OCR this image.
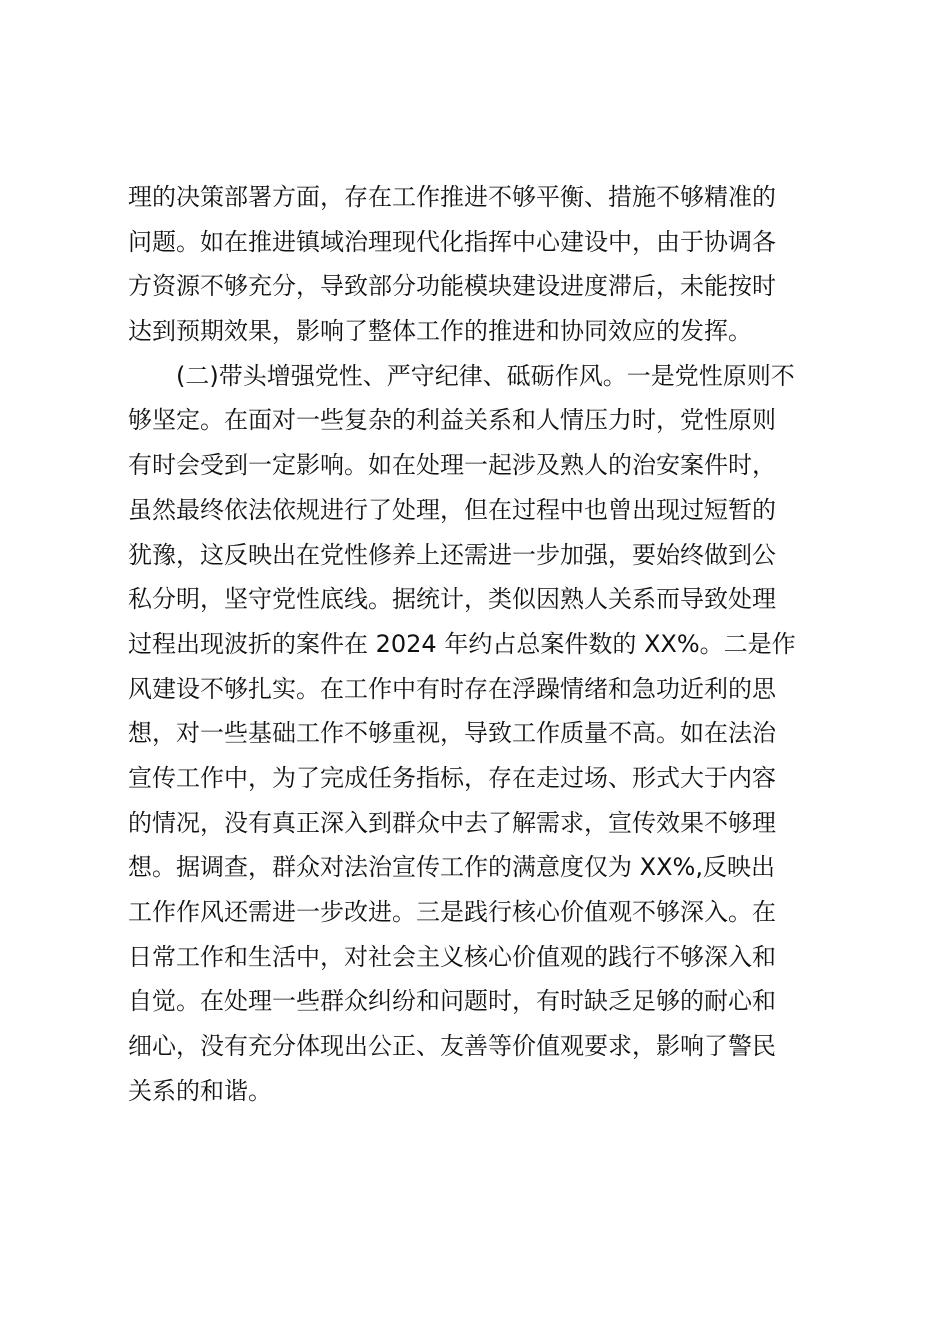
理的决策部署方面，存在工作推进不够平衡、措施不够精准的
问题。如在推进镇域治理现代化指挥中心建设中，由于协调各
方资源不够充分，导致部分功能模块建设进度滞后，未能按时
达到预期效果，影响了整体工作的推进和协同效应的发挥。
(二)带头增强党性、严守纪律、砥砺作风。一是党性原则不
够坚定。在面对一些复杂的利益关系和人情压力时，党性原则
有时会受到一定影响。如在处理一起涉及熟人的治安案件时，
虽然最终依法依规进行了处理，但在过程中也曾出现过短暂的
犹豫，这反映出在党性修养上还需进一步加强，要始终做到公
私分明，坚守党性底线。据统计，类似因熟人关系而导致处理
过程出现波折的案件在 2024 年约占总案件数的 XX%。二是作
风建设不够扎实。在工作中有时存在浮躁情绪和急功近利的思
想，对一些基础工作不够重视，导致工作质量不高。如在法治
宣传工作中，为了完成任务指标，存在走过场、形式大于内容
的情况，没有真正深入到群众中去了解需求，宣传效果不够理
想。据调查，群众对法治宣传工作的满意度仅为 XX%,反映出
工作作风还需进一步改进。三是践行核心价值观不够深入。在
日常工作和生活中，对社会主义核心价值观的践行不够深入和
自觉。在处理一些群众纠纷和问题时，有时缺乏足够的耐心和
细心，没有充分体现出公正、友善等价值观要求，影响了警民
关系的和谐。
